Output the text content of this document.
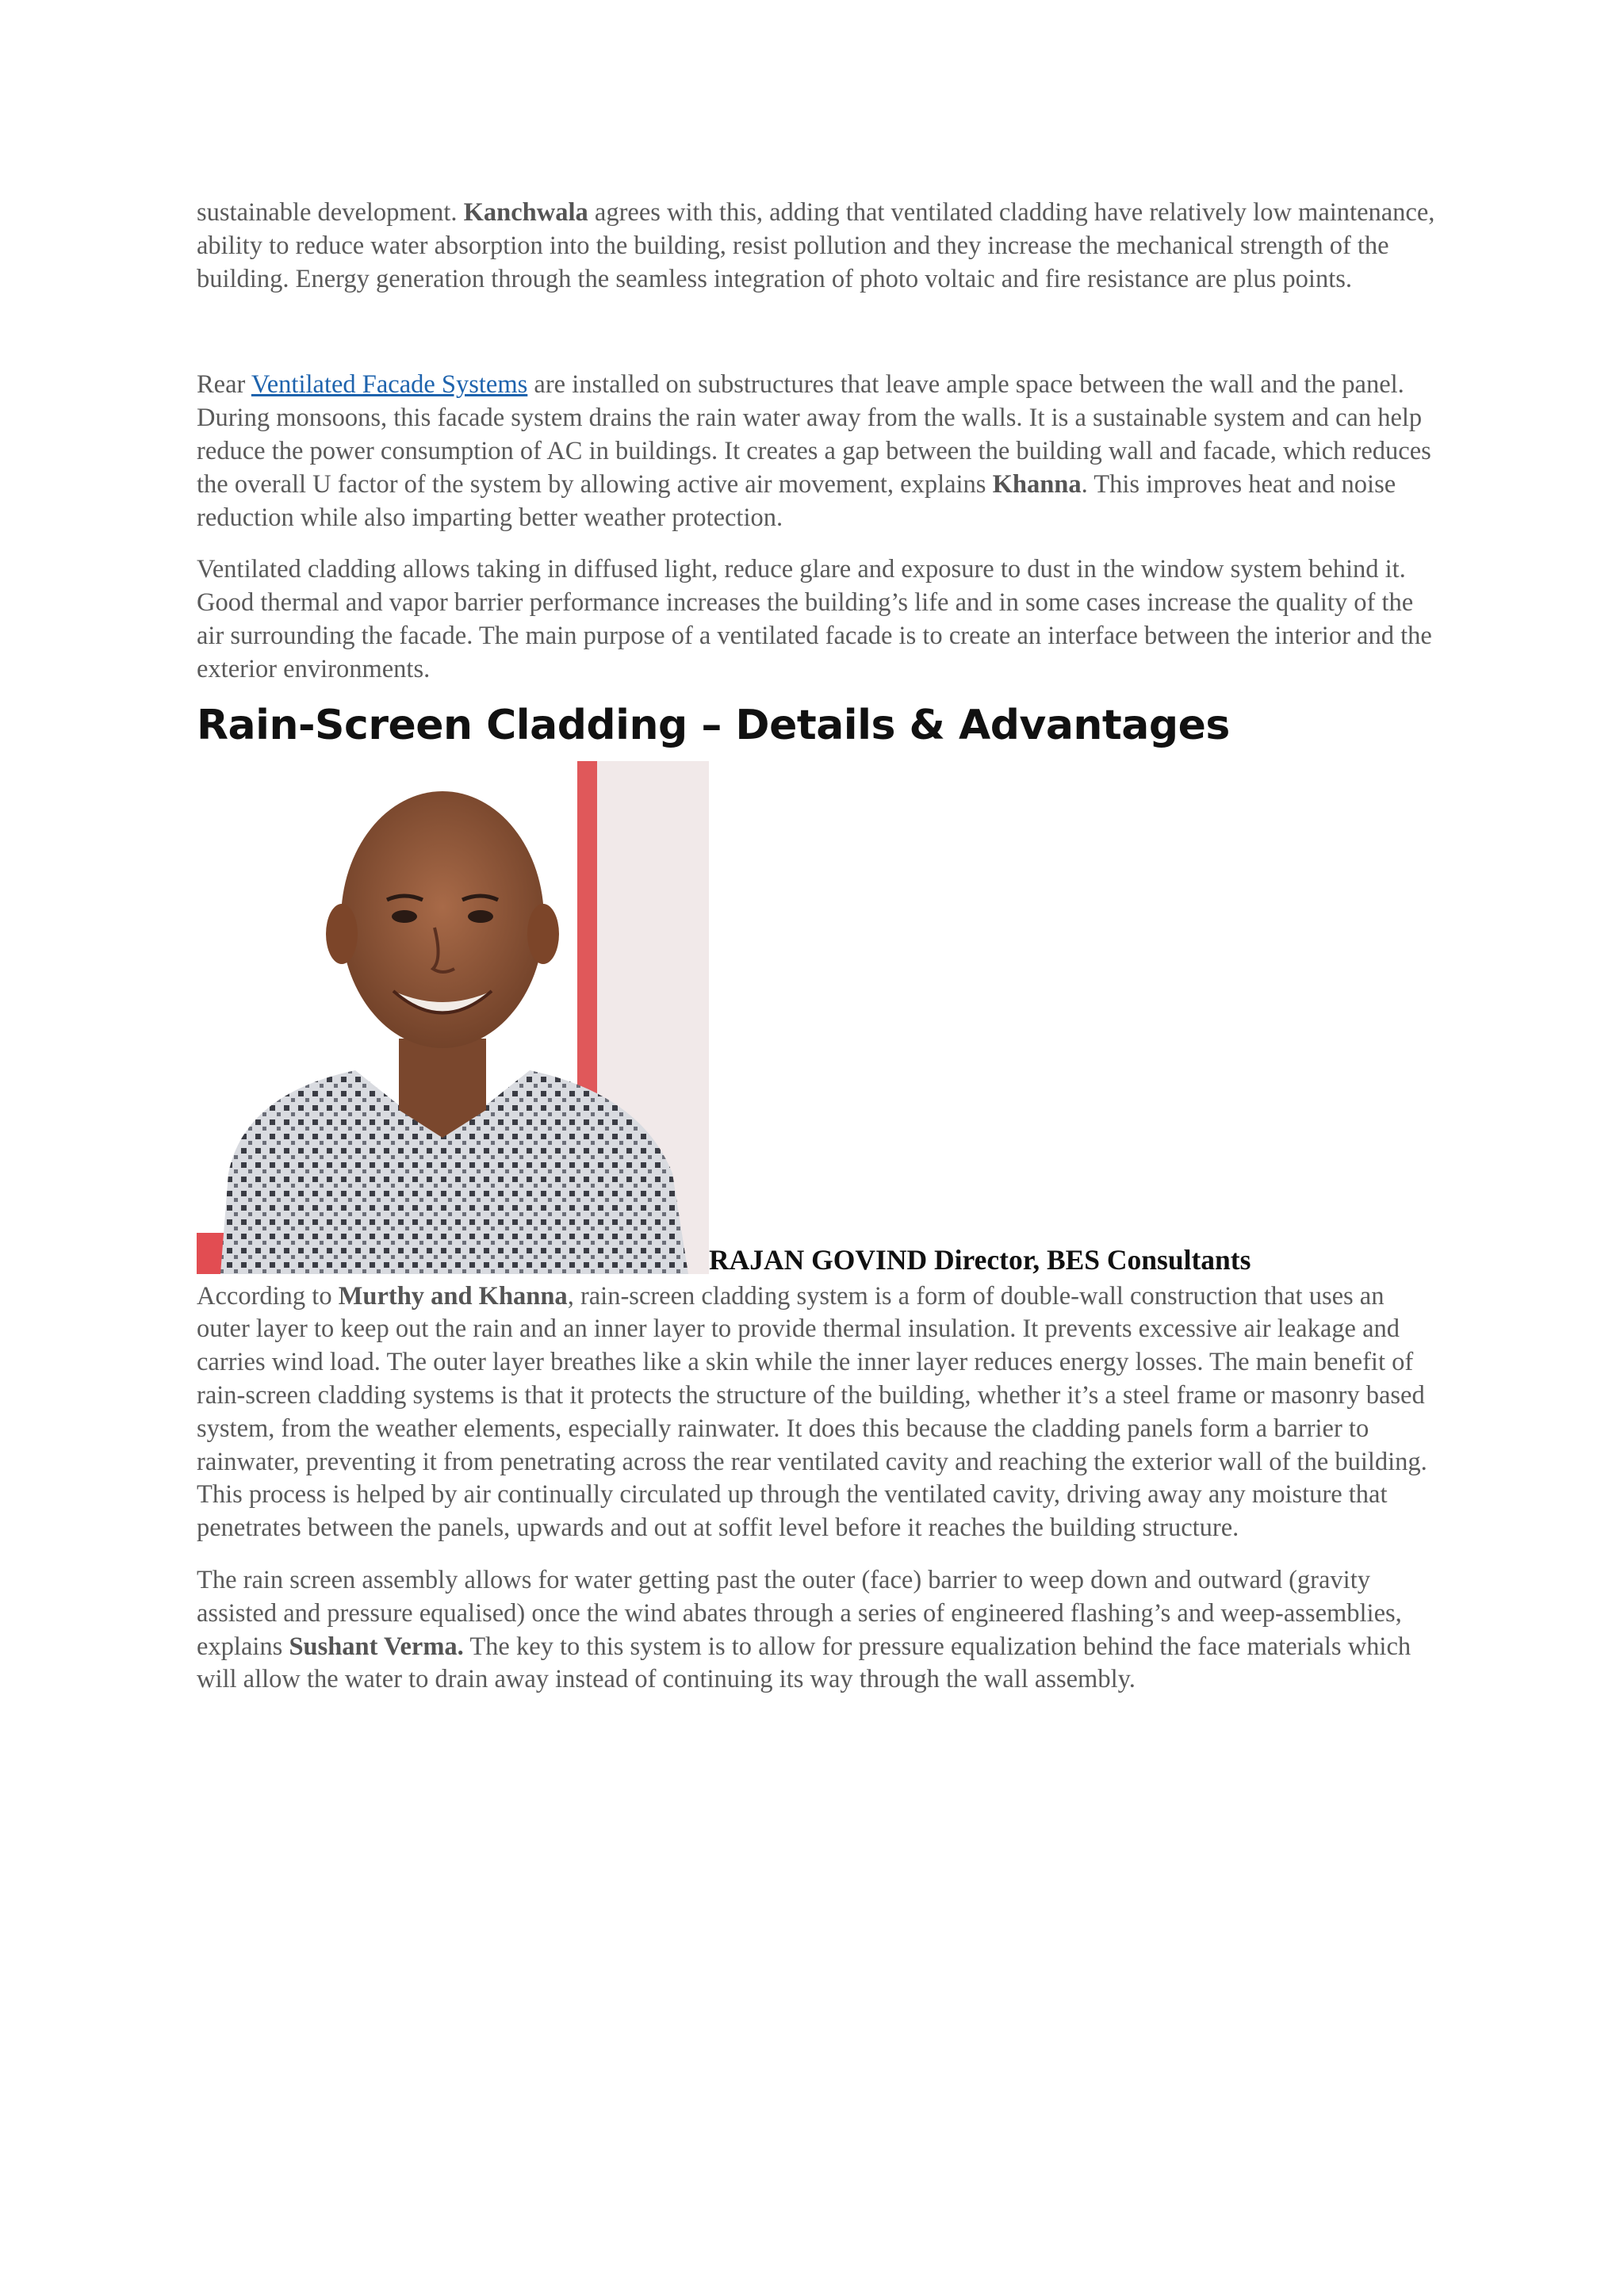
sustainable development. Kanchwala agrees with this, adding that ventilated cladding have relatively low maintenance, ability to reduce water absorption into the building, resist pollution and they increase the mechanical strength of the building. Energy generation through the seamless integration of photo voltaic and fire resistance are plus points.

Rear Ventilated Facade Systems are installed on substructures that leave ample space between the wall and the panel. During monsoons, this facade system drains the rain water away from the walls. It is a sustainable system and can help reduce the power consumption of AC in buildings. It creates a gap between the building wall and facade, which reduces the overall U factor of the system by allowing active air movement, explains Khanna. This improves heat and noise reduction while also imparting better weather protection.

Ventilated cladding allows taking in diffused light, reduce glare and exposure to dust in the window system behind it. Good thermal and vapor barrier performance increases the building’s life and in some cases increase the quality of the air surrounding the facade. The main purpose of a ventilated facade is to create an interface between the interior and the exterior environments.

Rain-Screen Cladding – Details & Advantages
RAJAN GOVIND Director, BES Consultants

According to Murthy and Khanna, rain-screen cladding system is a form of double-wall construction that uses an outer layer to keep out the rain and an inner layer to provide thermal insulation. It prevents excessive air leakage and carries wind load. The outer layer breathes like a skin while the inner layer reduces energy losses. The main benefit of rain-screen cladding systems is that it protects the structure of the building, whether it’s a steel frame or masonry based system, from the weather elements, especially rainwater. It does this because the cladding panels form a barrier to rainwater, preventing it from penetrating across the rear ventilated cavity and reaching the exterior wall of the building. This process is helped by air continually circulated up through the ventilated cavity, driving away any moisture that penetrates between the panels, upwards and out at soffit level before it reaches the building structure.

The rain screen assembly allows for water getting past the outer (face) barrier to weep down and outward (gravity assisted and pressure equalised) once the wind abates through a series of engineered flashing’s and weep-assemblies, explains Sushant Verma. The key to this system is to allow for pressure equalization behind the face materials which will allow the water to drain away instead of continuing its way through the wall assembly.
